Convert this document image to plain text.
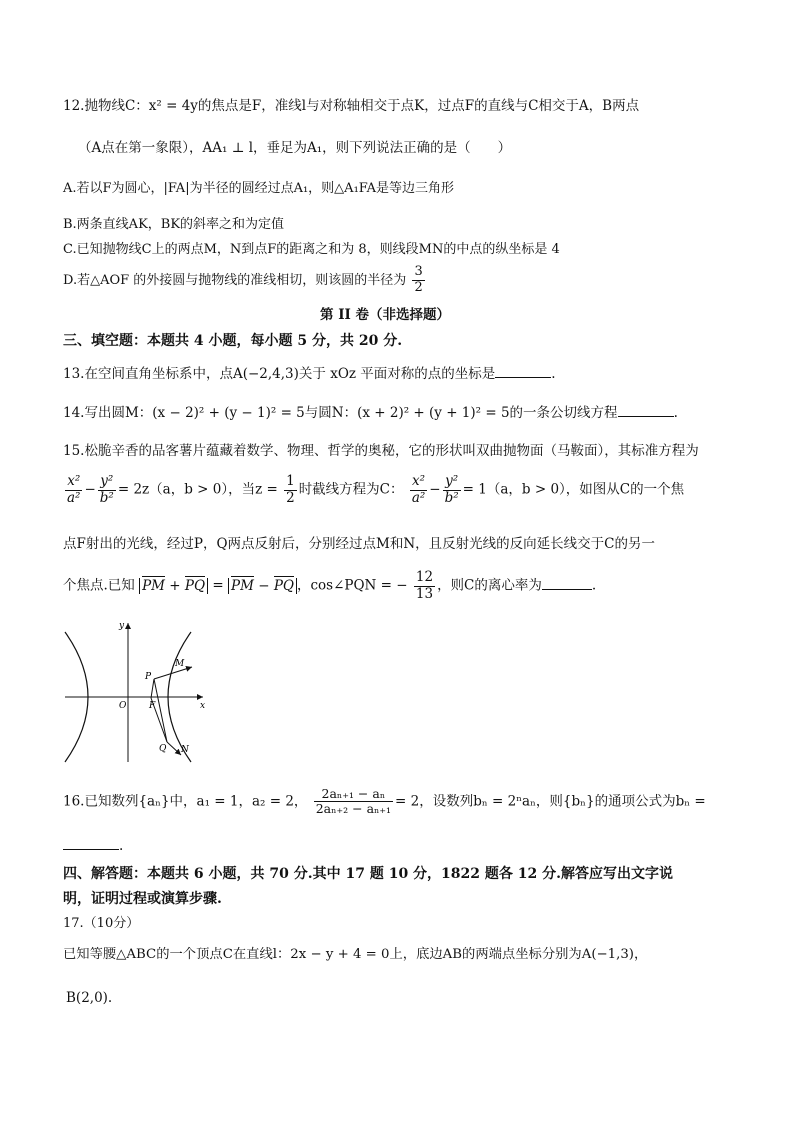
12.抛物线C：x² = 4y的焦点是F，准线l与对称轴相交于点K，过点F的直线与C相交于A，B两点
（A点在第一象限），AA₁ ⊥ l，垂足为A₁，则下列说法正确的是（　　）
A.若以F为圆心，|FA|为半径的圆经过点A₁，则△A₁FA是等边三角形
B.两条直线AK，BK的斜率之和为定值
C.已知抛物线C上的两点M，N到点F的距离之和为 8，则线段MN的中点的纵坐标是 4
D.若△AOF 的外接圆与抛物线的准线相切，则该圆的半径为 $\frac{3}{2}$
第 II 卷（非选择题）
三、填空题：本题共 4 小题，每小题 5 分，共 20 分.
13.在空间直角坐标系中，点A(−2,4,3)关于 xOz 平面对称的点的坐标是	.
14.写出圆M：(x − 2)² + (y − 1)² = 5与圆N：(x + 2)² + (y + 1)² = 5的一条公切线方程	.
15.松脆辛香的品客薯片蕴藏着数学、物理、哲学的奥秘，它的形状叫双曲抛物面（马鞍面），其标准方程为
$\frac{\text{x²}}{\text{a²}} - \frac{\text{y²}}{\text{b²}} = 2z(a$，b > 0），当$z = \frac{1}{2}$ 时截线方程为C： $\frac{\text{x²}}{\text{a²}} - \frac{\text{y²}}{\text{b²}} = 1(a$，b > 0），如图从C的一个焦
点F射出的光线，经过P，Q两点反射后，分别经过点M和N，且反射光线的反向延长线交于C的另一
个焦点.已知 PM + PQ = PM − PQ ，cos∠PQN = − $\frac{12}{13}$ ，则C的离心率为	.
y
x
O	F
P
Q
M
N
16.已知数列{aₙ}中，a₁ = 1，a₂ = 2， $\frac{\text{2aₙ₊₁ − aₙ}}{\text{2aₙ₊₂ − aₙ₊₁}} = 2$，设数列bₙ = 2ⁿaₙ，则{bₙ}的通项公式为bₙ =
.
四、解答题：本题共 6 小题，共 70 分.其中 17 题 10 分，1822 题各 12 分.解答应写出文字说
明，证明过程或演算步骤.
17.（10分）
已知等腰△ABC的一个顶点C在直线l：2x − y + 4 = 0上，底边AB的两端点坐标分别为A(−1,3)，
B(2,0).
